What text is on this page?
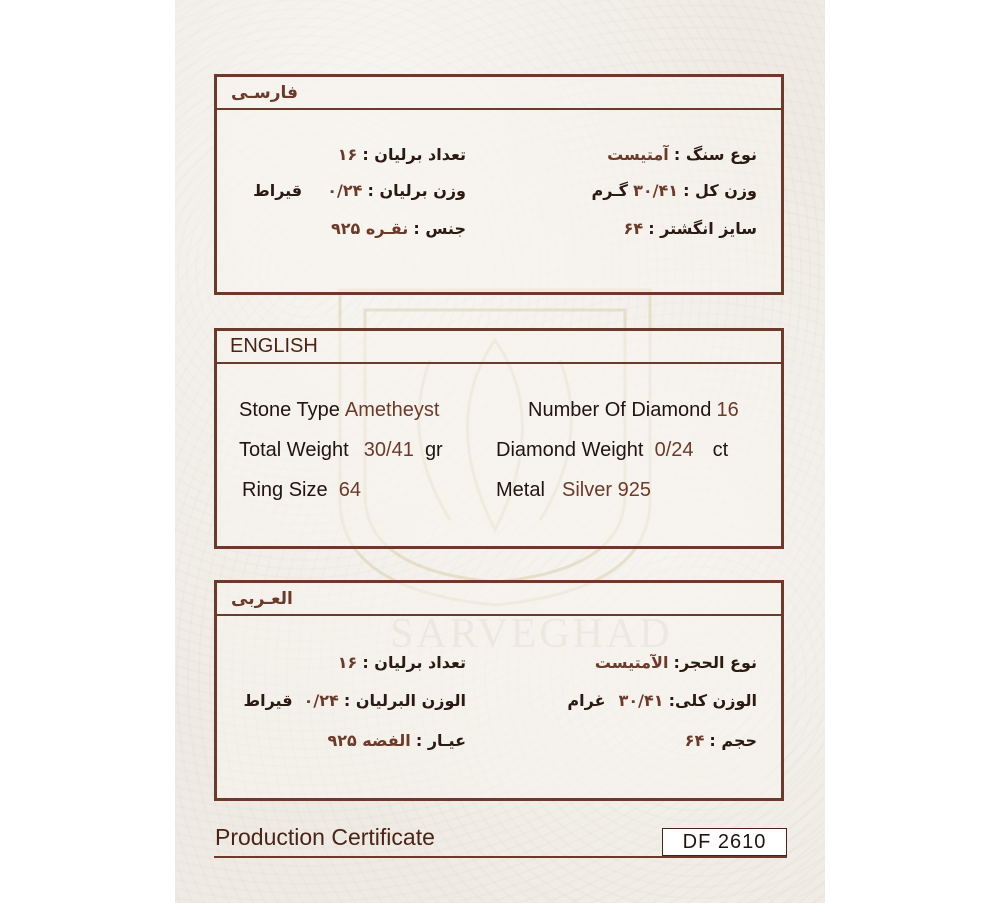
فارسـی
نوع سنگ : آمتیست
وزن کل : ۳۰/۴۱ گـرم
سایز انگشتر : ۶۴
تعداد برلیان : ۱۶
وزن برلیان : ۰/۲۴ قیراط
جنس : نقـره ۹۲۵
ENGLISH
Stone Type Ametheyst
Total Weight 30/41 gr
Ring Size 64
Number Of Diamond 16
Diamond Weight 0/24 ct
Metal Silver 925
العـربی
نوع الحجر: الآمتیست
الوزن کلی: ۳۰/۴۱ غرام
حجم : ۶۴
تعداد برلیان : ۱۶
الوزن البرلیان : ۰/۲۴ قیراط
عیـار : الفضه ۹۲۵
Production Certificate	DF 2610
